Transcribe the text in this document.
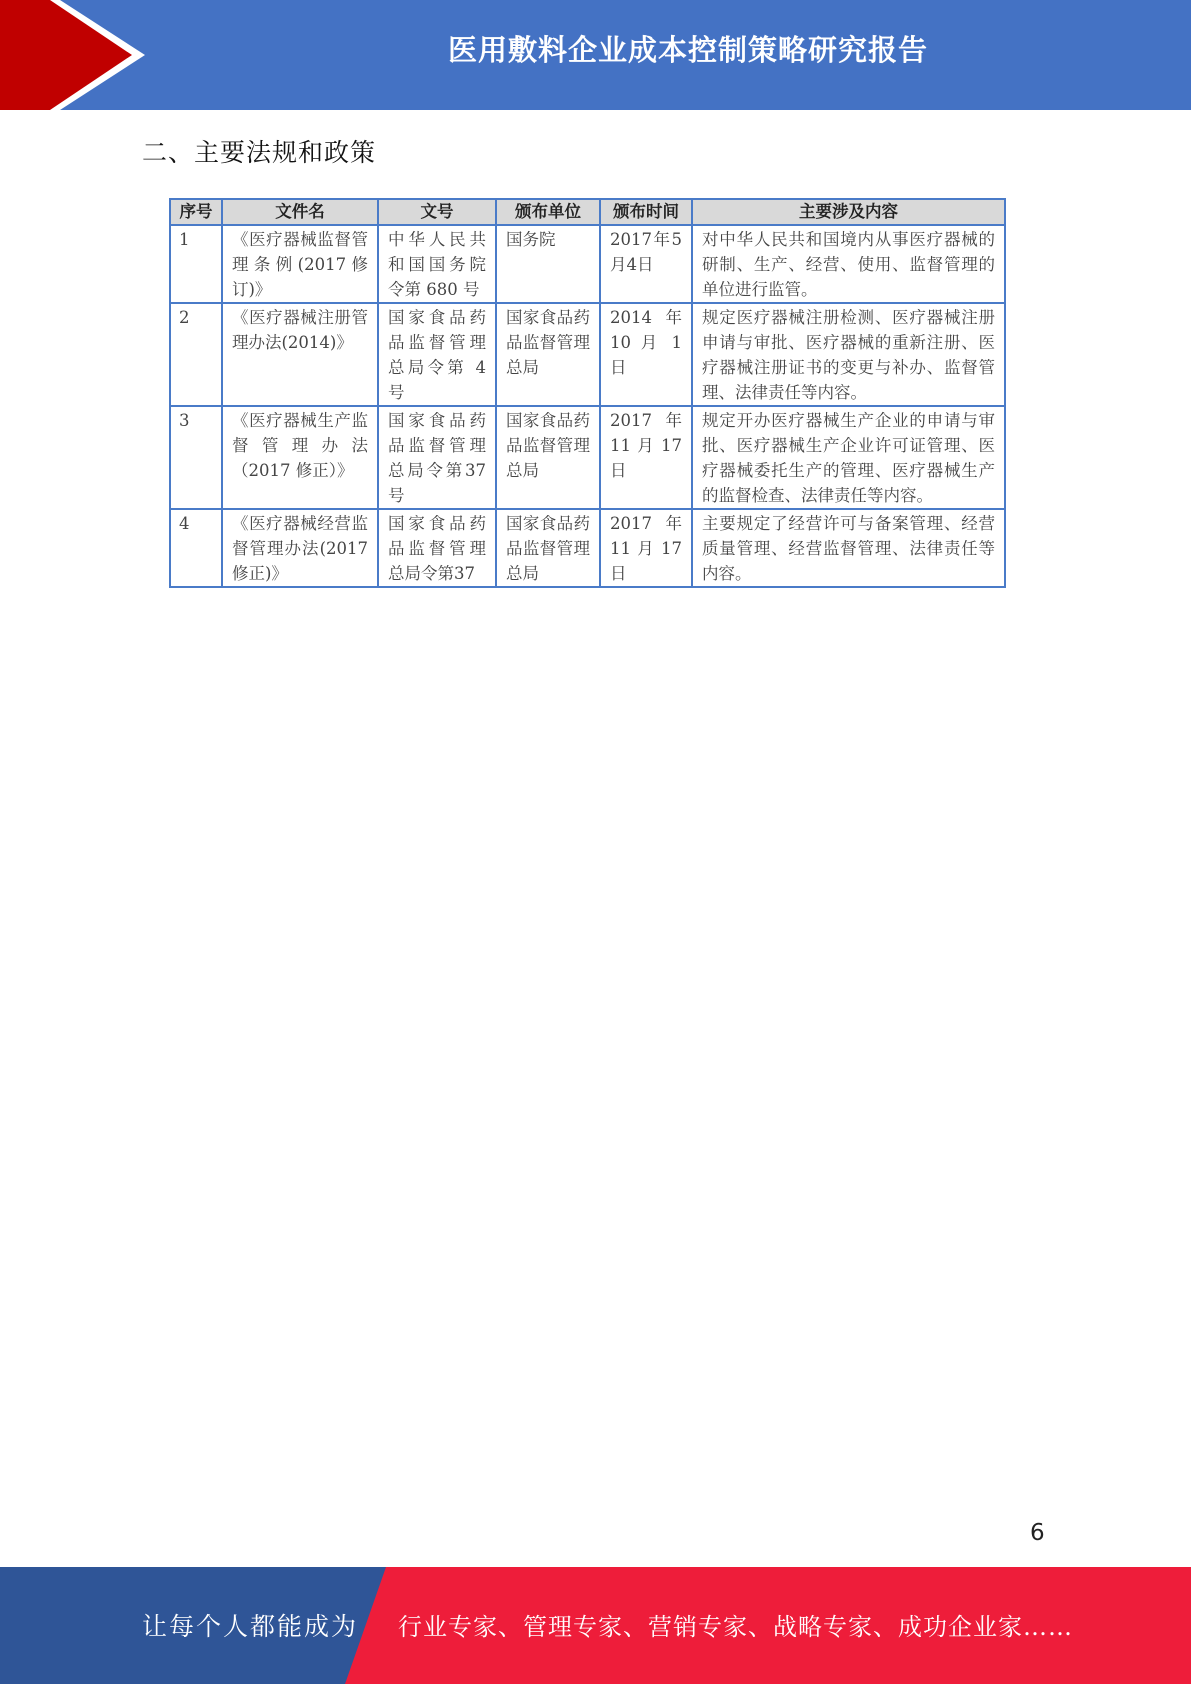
医用敷料企业成本控制策略研究报告
二、主要法规和政策
序号	文件名	文号	颁布单位	颁布时间	主要涉及内容
1	《医疗器械监督管理条例(2017修订)》	中华人民共和国国务院令第 680 号	国务院	2017年5月4日	对中华人民共和国境内从事医疗器械的研制、生产、经营、使用、监督管理的单位进行监管。
2	《医疗器械注册管理办法(2014)》	国家食品药品监督管理总局令第 4 号	国家食品药品监督管理总局	2014 年 10 月 1 日	规定医疗器械注册检测、医疗器械注册申请与审批、医疗器械的重新注册、医疗器械注册证书的变更与补办、监督管理、法律责任等内容。
3	《医疗器械生产监督管理办法（2017 修正）》	国家食品药品监督管理总局令第37号	国家食品药品监督管理总局	2017 年 11 月 17 日	规定开办医疗器械生产企业的申请与审批、医疗器械生产企业许可证管理、医疗器械委托生产的管理、医疗器械生产的监督检查、法律责任等内容。
4	《医疗器械经营监督管理办法(2017 修正)》	国家食品药品监督管理总局令第37	国家食品药品监督管理总局	2017 年 11 月 17 日	主要规定了经营许可与备案管理、经营质量管理、经营监督管理、法律责任等内容。
6
让每个人都能成为 行业专家、管理专家、营销专家、战略专家、成功企业家……
